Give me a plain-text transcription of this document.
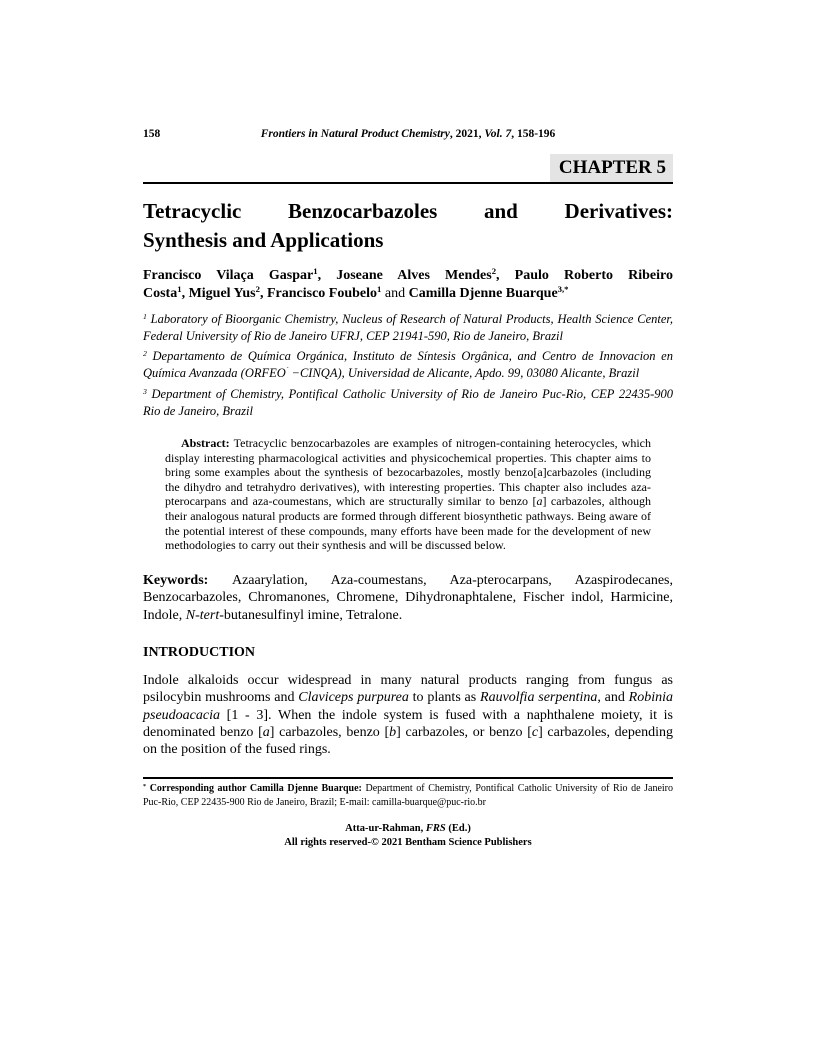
158	Frontiers in Natural Product Chemistry, 2021, Vol. 7, 158-196
CHAPTER 5
Tetracyclic Benzocarbazoles and Derivatives:
Synthesis and Applications
Francisco Vilaça Gaspar$^1$, Joseane Alves Mendes$^2$, Paulo Roberto Ribeiro
Costa$^1$, Miguel Yus$^2$, Francisco Foubelo$^1$ and Camilla Djenne Buarque$^{3,*}$

$^1$ Laboratory of Bioorganic Chemistry, Nucleus of Research of Natural Products, Health Science Center, Federal University of Rio de Janeiro UFRJ, CEP 21941-590, Rio de Janeiro, Brazil

$^2$ Departamento de Química Orgánica, Instituto de Síntesis Orgânica, and Centro de Innovacion en Química Avanzada (ORFEO´ −CINQA), Universidad de Alicante, Apdo. 99, 03080 Alicante, Brazil

$^3$ Department of Chemistry, Pontifical Catholic University of Rio de Janeiro Puc-Rio, CEP 22435-900 Rio de Janeiro, Brazil

Abstract: Tetracyclic benzocarbazoles are examples of nitrogen-containing heterocycles, which display interesting pharmacological activities and physicochemical properties. This chapter aims to bring some examples about the synthesis of bezocarbazoles, mostly benzo[a]carbazoles (including the dihydro and tetrahydro derivatives), with interesting properties. This chapter also includes aza-pterocarpans and aza-coumestans, which are structurally similar to benzo [a] carbazoles, although their analogous natural products are formed through different biosynthetic pathways. Being aware of the potential interest of these compounds, many efforts have been made for the development of new methodologies to carry out their synthesis and will be discussed below.
Keywords: Azaarylation, Aza-coumestans, Aza-pterocarpans, Azaspirodecanes, Benzocarbazoles, Chromanones, Chromene, Dihydronaphtalene, Fischer indol, Harmicine, Indole, N-tert-butanesulfinyl imine, Tetralone.
INTRODUCTION
Indole alkaloids occur widespread in many natural products ranging from fungus as psilocybin mushrooms and Claviceps purpurea to plants as Rauvolfia serpentina, and Robinia pseudoacacia [1 - 3]. When the indole system is fused with a naphthalene moiety, it is denominated benzo [a] carbazoles, benzo [b] carbazoles, or benzo [c] carbazoles, depending on the position of the fused rings.
* Corresponding author Camilla Djenne Buarque: Department of Chemistry, Pontifical Catholic University of Rio de Janeiro Puc-Rio, CEP 22435-900 Rio de Janeiro, Brazil; E-mail: camilla-buarque@puc-rio.br
Atta-ur-Rahman, FRS (Ed.)
All rights reserved-© 2021 Bentham Science Publishers
